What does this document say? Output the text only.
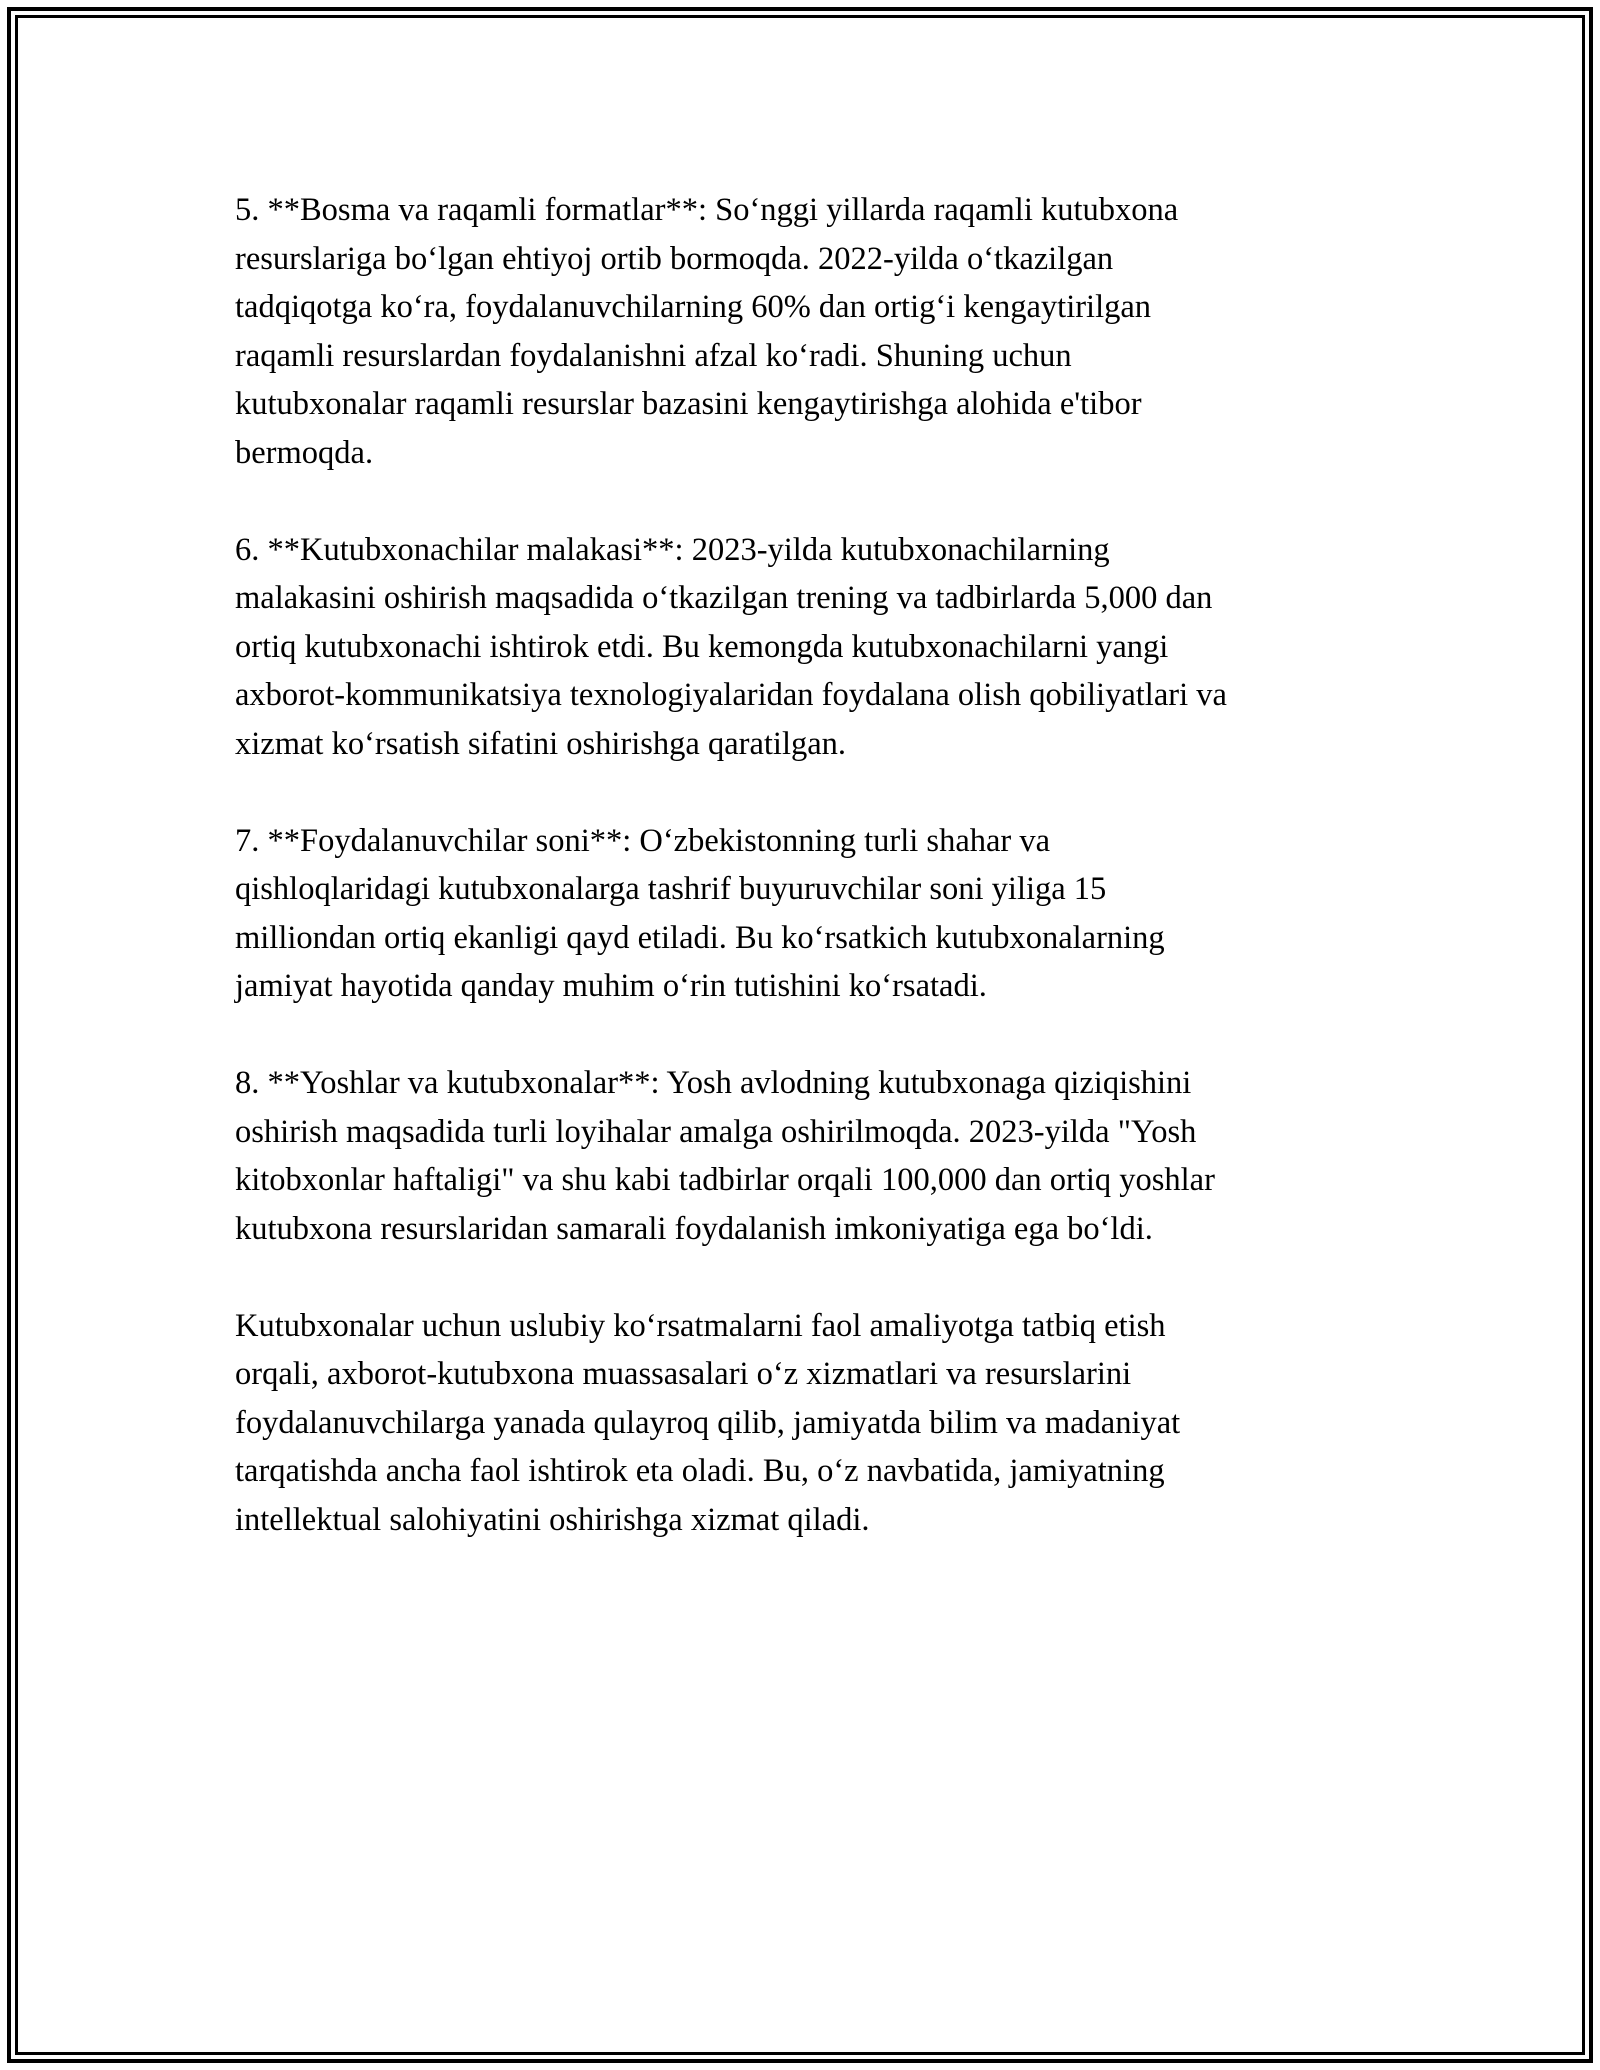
5. **Bosma va raqamli formatlar**: Soʻnggi yillarda raqamli kutubxona
resurslariga boʻlgan ehtiyoj ortib bormoqda. 2022-yilda oʻtkazilgan
tadqiqotga koʻra, foydalanuvchilarning 60% dan ortigʻi kengaytirilgan
raqamli resurslardan foydalanishni afzal koʻradi. Shuning uchun
kutubxonalar raqamli resurslar bazasini kengaytirishga alohida e'tibor
bermoqda.

6. **Kutubxonachilar malakasi**: 2023-yilda kutubxonachilarning
malakasini oshirish maqsadida oʻtkazilgan trening va tadbirlarda 5,000 dan
ortiq kutubxonachi ishtirok etdi. Bu kemongda kutubxonachilarni yangi
axborot-kommunikatsiya texnologiyalaridan foydalana olish qobiliyatlari va
xizmat koʻrsatish sifatini oshirishga qaratilgan.

7. **Foydalanuvchilar soni**: Oʻzbekistonning turli shahar va
qishloqlaridagi kutubxonalarga tashrif buyuruvchilar soni yiliga 15
milliondan ortiq ekanligi qayd etiladi. Bu koʻrsatkich kutubxonalarning
jamiyat hayotida qanday muhim oʻrin tutishini koʻrsatadi.

8. **Yoshlar va kutubxonalar**: Yosh avlodning kutubxonaga qiziqishini
oshirish maqsadida turli loyihalar amalga oshirilmoqda. 2023-yilda "Yosh
kitobxonlar haftaligi" va shu kabi tadbirlar orqali 100,000 dan ortiq yoshlar
kutubxona resurslaridan samarali foydalanish imkoniyatiga ega boʻldi.

Kutubxonalar uchun uslubiy koʻrsatmalarni faol amaliyotga tatbiq etish
orqali, axborot-kutubxona muassasalari oʻz xizmatlari va resurslarini
foydalanuvchilarga yanada qulayroq qilib, jamiyatda bilim va madaniyat
tarqatishda ancha faol ishtirok eta oladi. Bu, oʻz navbatida, jamiyatning
intellektual salohiyatini oshirishga xizmat qiladi.
